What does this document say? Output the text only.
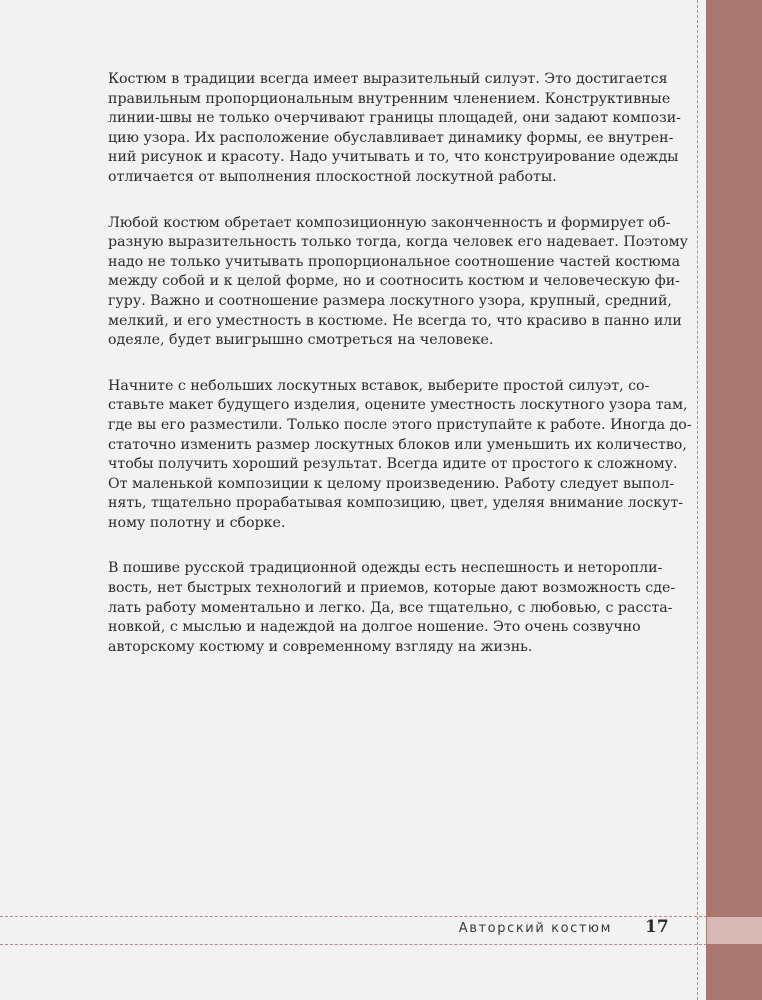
Костюм в традиции всегда имеет выразительный силуэт. Это достигается
правильным пропорциональным внутренним членением. Конструктивные
линии-швы не только очерчивают границы площадей, они задают компози-
цию узора. Их расположение обуславливает динамику формы, ее внутрен-
ний рисунок и красоту. Надо учитывать и то, что конструирование одежды
отличается от выполнения плоскостной лоскутной работы.

Любой костюм обретает композиционную законченность и формирует об-
разную выразительность только тогда, когда человек его надевает. Поэтому
надо не только учитывать пропорциональное соотношение частей костюма
между собой и к целой форме, но и соотносить костюм и человеческую фи-
гуру. Важно и соотношение размера лоскутного узора, крупный, средний,
мелкий, и его уместность в костюме. Не всегда то, что красиво в панно или
одеяле, будет выигрышно смотреться на человеке.

Начните с небольших лоскутных вставок, выберите простой силуэт, со-
ставьте макет будущего изделия, оцените уместность лоскутного узора там,
где вы его разместили. Только после этого приступайте к работе. Иногда до-
статочно изменить размер лоскутных блоков или уменьшить их количество,
чтобы получить хороший результат. Всегда идите от простого к сложному.
От маленькой композиции к целому произведению. Работу следует выпол-
нять, тщательно прорабатывая композицию, цвет, уделяя внимание лоскут-
ному полотну и сборке.

В пошиве русской традиционной одежды есть неспешность и неторопли-
вость, нет быстрых технологий и приемов, которые дают возможность сде-
лать работу моментально и легко. Да, все тщательно, с любовью, с расста-
новкой, с мыслью и надеждой на долгое ношение. Это очень созвучно
авторскому костюму и современному взгляду на жизнь.

Авторский костюм 17
